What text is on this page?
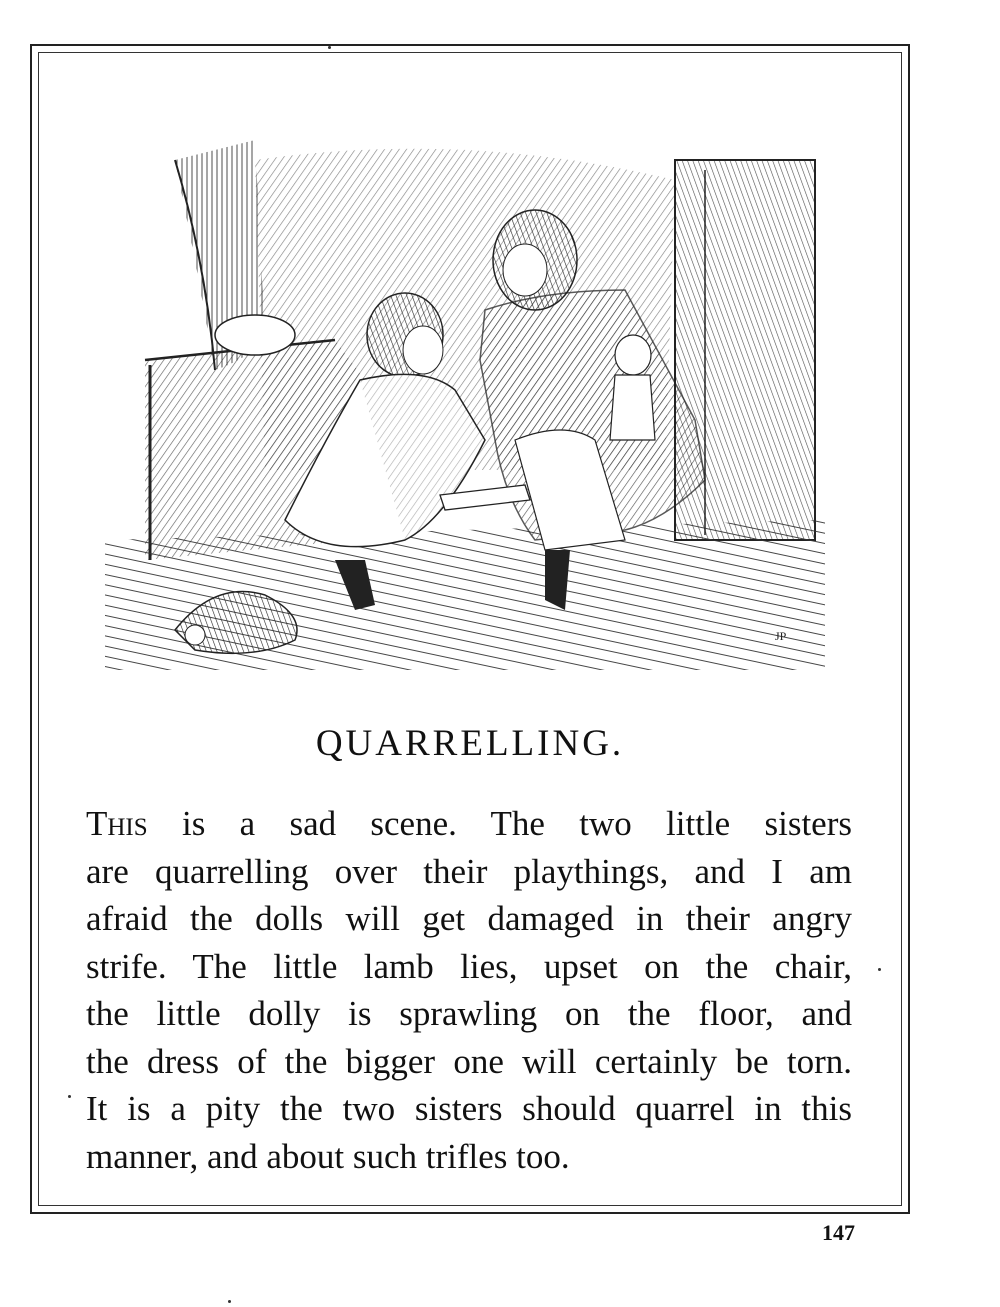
JP
QUARRELLING.
This is a sad scene. The two little sisters
are quarrelling over their playthings, and I am
afraid the dolls will get damaged in their angry
strife. The little lamb lies, upset on the chair,
the little dolly is sprawling on the floor, and
the dress of the bigger one will certainly be torn.
It is a pity the two sisters should quarrel in this
manner, and about such trifles too.
147
